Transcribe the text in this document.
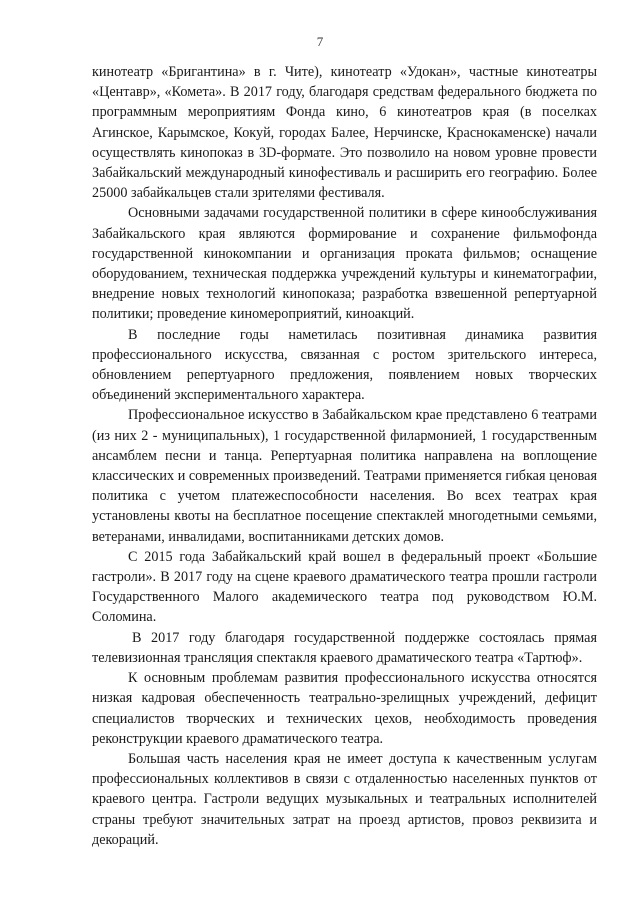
7

кинотеатр «Бригантина» в г. Чите), кинотеатр «Удокан», частные кинотеатры «Центавр», «Комета». В 2017 году, благодаря средствам федерального бюджета по программным мероприятиям Фонда кино, 6 кинотеатров края (в поселках Агинское, Карымское, Кокуй, городах Балее, Нерчинске, Краснокаменске) начали осуществлять кинопоказ в 3D-формате. Это позволило на новом уровне провести Забайкальский международный кинофестиваль и расширить его географию. Более 25000 забайкальцев стали зрителями фестиваля.

Основными задачами государственной политики в сфере кинообслуживания Забайкальского края являются формирование и сохранение фильмофонда государственной кинокомпании и организация проката фильмов; оснащение оборудованием, техническая поддержка учреждений культуры и кинематографии, внедрение новых технологий кинопоказа; разработка взвешенной репертуарной политики; проведение киномероприятий, киноакций.

В последние годы наметилась позитивная динамика развития профессионального искусства, связанная с ростом зрительского интереса, обновлением репертуарного предложения, появлением новых творческих объединений экспериментального характера.

Профессиональное искусство в Забайкальском крае представлено 6 театрами (из них 2 - муниципальных), 1 государственной филармонией, 1 государственным ансамблем песни и танца. Репертуарная политика направлена на воплощение классических и современных произведений. Театрами применяется гибкая ценовая политика с учетом платежеспособности населения. Во всех театрах края установлены квоты на бесплатное посещение спектаклей многодетными семьями, ветеранами, инвалидами, воспитанниками детских домов.

С 2015 года Забайкальский край вошел в федеральный проект «Большие гастроли». В 2017 году на сцене краевого драматического театра прошли гастроли Государственного Малого академического театра под руководством Ю.М. Соломина.

В 2017 году благодаря государственной поддержке состоялась прямая телевизионная трансляция спектакля краевого драматического театра «Тартюф».

К основным проблемам развития профессионального искусства относятся низкая кадровая обеспеченность театрально-зрелищных учреждений, дефицит специалистов творческих и технических цехов, необходимость проведения реконструкции краевого драматического театра.

Большая часть населения края не имеет доступа к качественным услугам профессиональных коллективов в связи с отдаленностью населенных пунктов от краевого центра. Гастроли ведущих музыкальных и театральных исполнителей страны требуют значительных затрат на проезд артистов, провоз реквизита и декораций.
